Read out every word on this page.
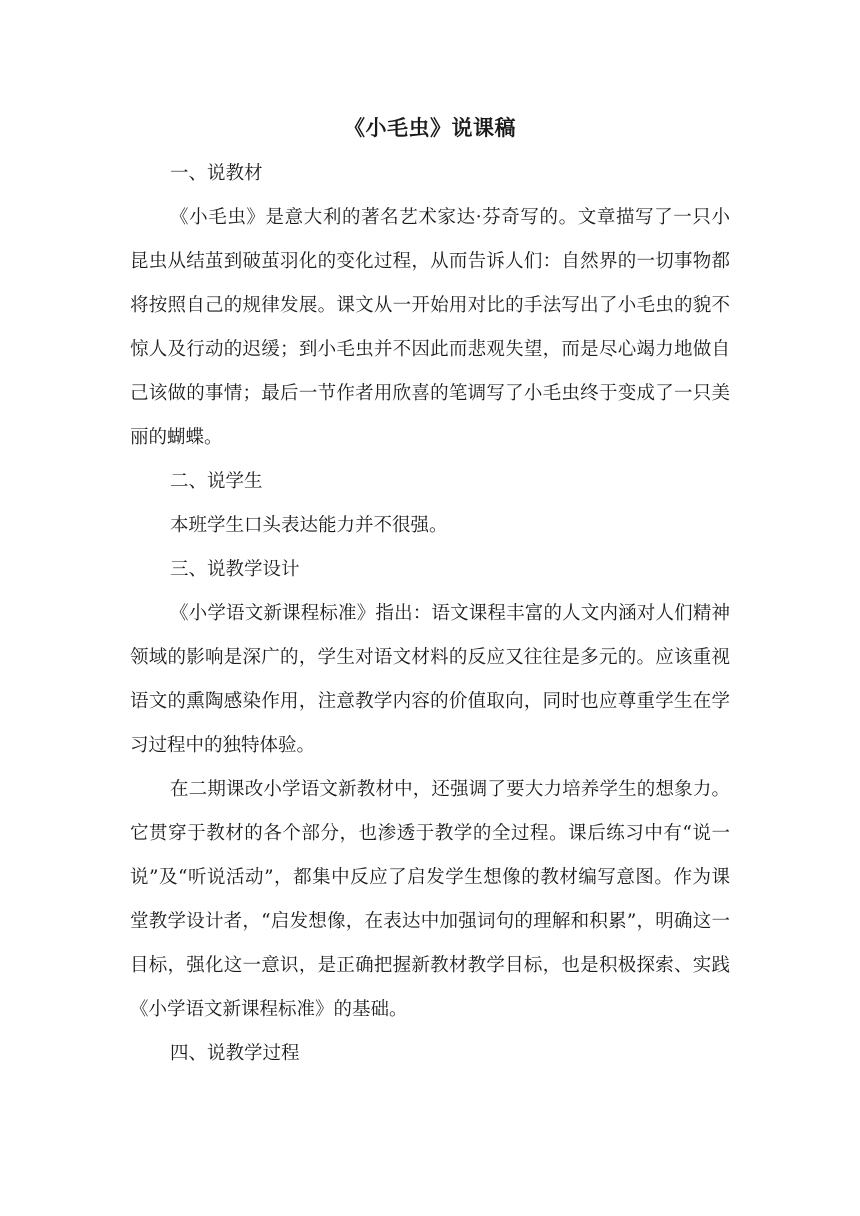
《小毛虫》说课稿

一、说教材

《小毛虫》是意大利的著名艺术家达·芬奇写的。文章描写了一只小昆虫从结茧到破茧羽化的变化过程，从而告诉人们：自然界的一切事物都将按照自己的规律发展。课文从一开始用对比的手法写出了小毛虫的貌不惊人及行动的迟缓；到小毛虫并不因此而悲观失望，而是尽心竭力地做自己该做的事情；最后一节作者用欣喜的笔调写了小毛虫终于变成了一只美丽的蝴蝶。

二、说学生

本班学生口头表达能力并不很强。

三、说教学设计

《小学语文新课程标准》指出：语文课程丰富的人文内涵对人们精神领域的影响是深广的，学生对语文材料的反应又往往是多元的。应该重视语文的熏陶感染作用，注意教学内容的价值取向，同时也应尊重学生在学习过程中的独特体验。

在二期课改小学语文新教材中，还强调了要大力培养学生的想象力。它贯穿于教材的各个部分，也渗透于教学的全过程。课后练习中有“说一说”及“听说活动”，都集中反应了启发学生想像的教材编写意图。作为课堂教学设计者，“启发想像，在表达中加强词句的理解和积累”，明确这一目标，强化这一意识，是正确把握新教材教学目标，也是积极探索、实践《小学语文新课程标准》的基础。

四、说教学过程
